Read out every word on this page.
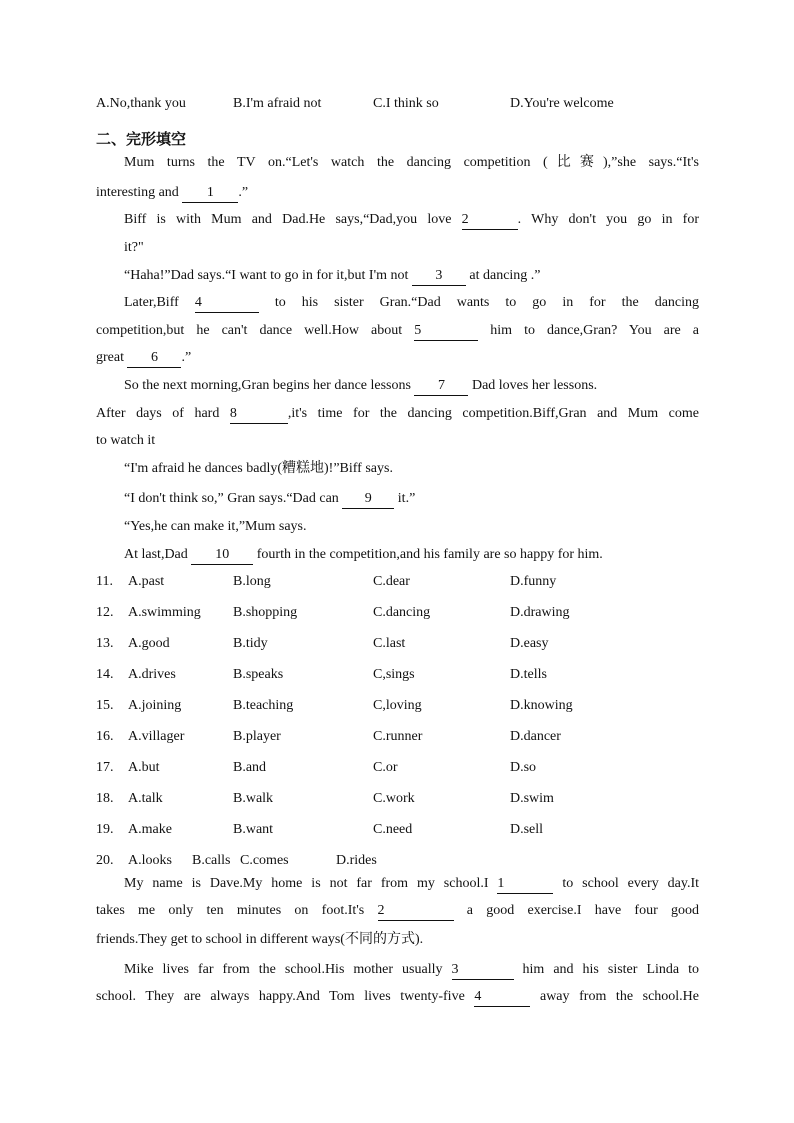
A.No,thank you	B.I'm afraid not	C.I think so	D.You're welcome
二、完形填空
Mum turns the TV on.“Let's watch the dancing competition (比赛),”she says.“It's
interesting and 1 .”
Biff is with Mum and Dad.He says,“Dad,you love 2	. Why don't you go in for
it?"
“Haha!”Dad says.“I want to go in for it,but I'm not 3 at dancing .”
Later,Biff 4	to his sister Gran.“Dad wants to go in for the dancing
competition,but he can't dance well.How about 5	him to dance,Gran? You are a
great 6 .”
So the next morning,Gran begins her dance lessons 7 Dad loves her lessons.
After days of hard 8	,it's time for the dancing competition.Biff,Gran and Mum come
to watch it
“I'm afraid he dances badly(糟糕地)!”Biff says.
“I don't think so,” Gran says.“Dad can 9 it.”
“Yes,he can make it,”Mum says.
At last,Dad 10 fourth in the competition,and his family are so happy for him.
11. A.past	B.long	C.dear	D.funny
12. A.swimming B.shopping	C.dancing	D.drawing
13. A.good	B.tidy	C.last	D.easy
14. A.drives	B.speaks	C,sings	D.tells
15. A.joining	B.teaching	C,loving	D.knowing
16. A.villager	B.player	C.runner	D.dancer
17. A.but	B.and	C.or	D.so
18. A.talk	B.walk	C.work	D.swim
19. A.make	B.want	C.need	D.sell
20. A.looks B.calls C.comes	D.rides
My name is Dave.My home is not far from my school.I 1	to school every day.It
takes me only ten minutes on foot.It's 2	a good exercise.I have four good
friends.They get to school in different ways(不同的方式).
Mike lives far from the school.His mother usually 3	him and his sister Linda to
school. They are always happy.And Tom lives twenty-five 4	away from the school.He
